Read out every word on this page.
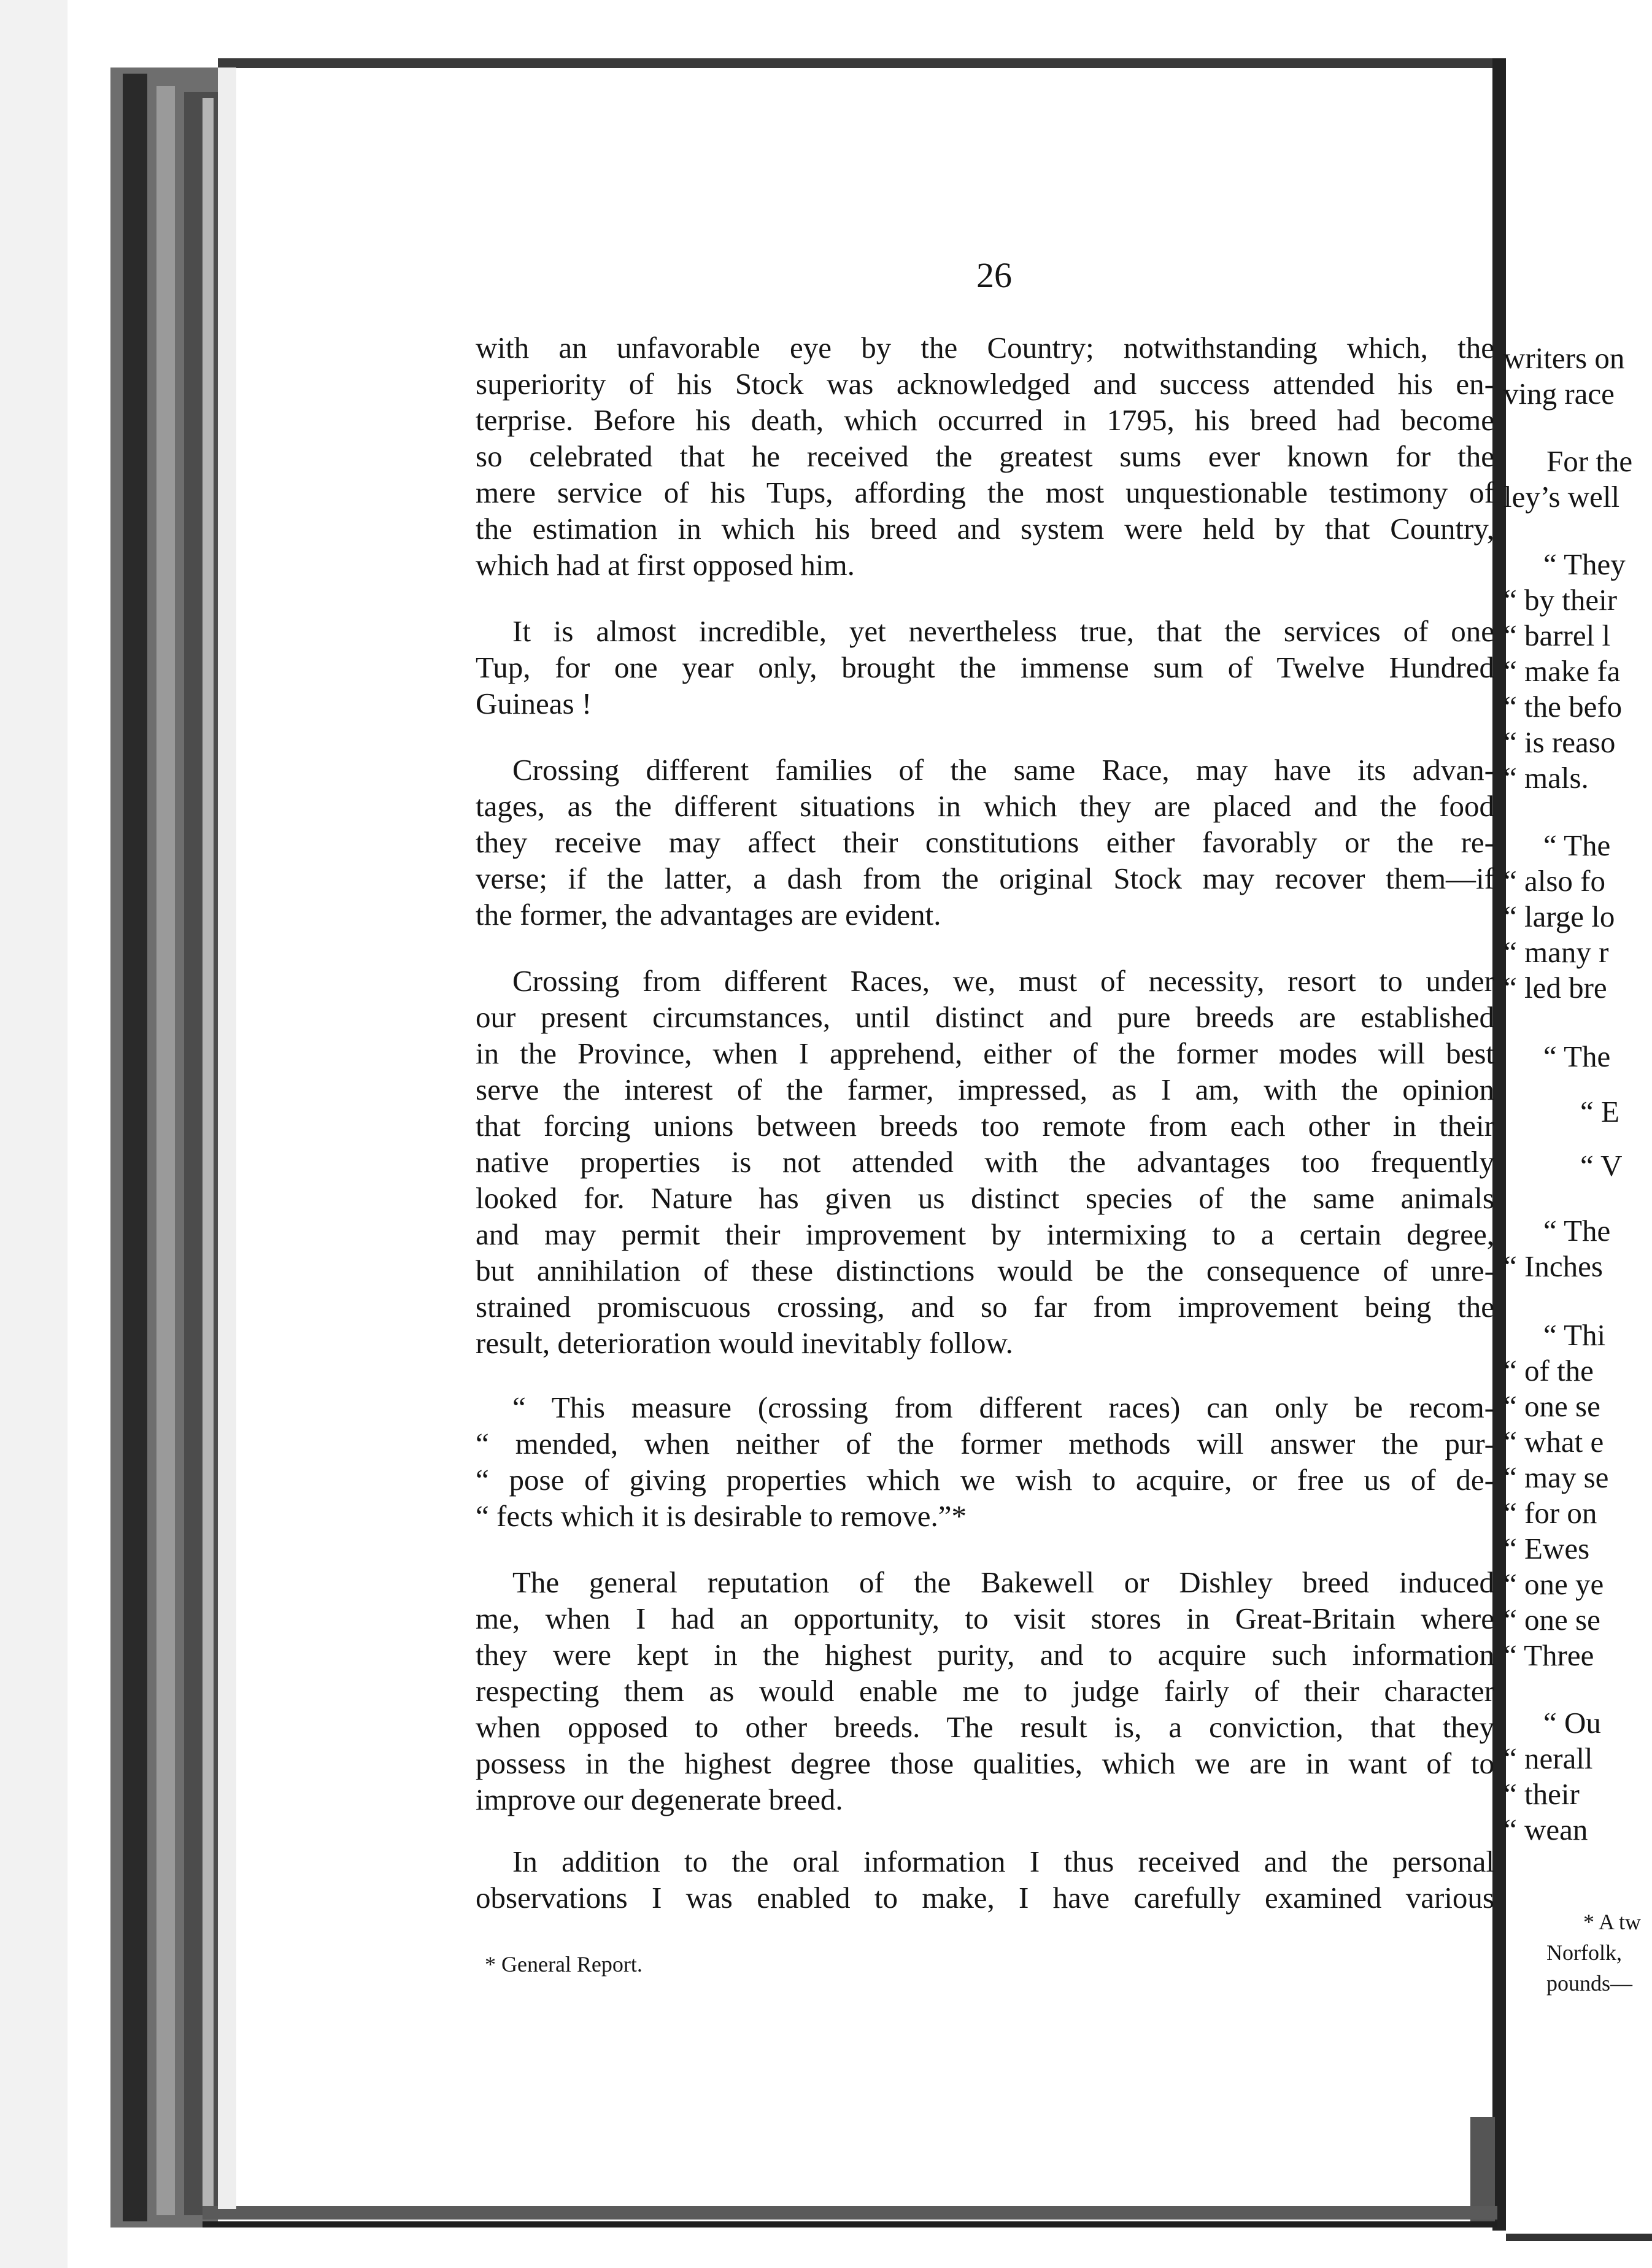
26
with an unfavorable eye by the Country; notwithstanding which, the
superiority of his Stock was acknowledged and success attended his en-
terprise. Before his death, which occurred in 1795, his breed had become
so celebrated that he received the greatest sums ever known for the
mere service of his Tups, affording the most unquestionable testimony of
the estimation in which his breed and system were held by that Country,
which had at first opposed him.
It is almost incredible, yet nevertheless true, that the services of one
Tup, for one year only, brought the immense sum of Twelve Hundred
Guineas !
Crossing different families of the same Race, may have its advan-
tages, as the different situations in which they are placed and the food
they receive may affect their constitutions either favorably or the re-
verse; if the latter, a dash from the original Stock may recover them—if
the former, the advantages are evident.
Crossing from different Races, we, must of necessity, resort to under
our present circumstances, until distinct and pure breeds are established
in the Province, when I apprehend, either of the former modes will best
serve the interest of the farmer, impressed, as I am, with the opinion
that forcing unions between breeds too remote from each other in their
native properties is not attended with the advantages too frequently
looked for. Nature has given us distinct species of the same animals
and may permit their improvement by intermixing to a certain degree,
but annihilation of these distinctions would be the consequence of unre-
strained promiscuous crossing, and so far from improvement being the
result, deterioration would inevitably follow.
“ This measure (crossing from different races) can only be recom-
“ mended, when neither of the former methods will answer the pur-
“ pose of giving properties which we wish to acquire, or free us of de-
“ fects which it is desirable to remove.”*
The general reputation of the Bakewell or Dishley breed induced
me, when I had an opportunity, to visit stores in Great-Britain where
they were kept in the highest purity, and to acquire such information
respecting them as would enable me to judge fairly of their character
when opposed to other breeds. The result is, a conviction, that they
possess in the highest degree those qualities, which we are in want of to
improve our degenerate breed.
In addition to the oral information I thus received and the personal
observations I was enabled to make, I have carefully examined various
* General Report.
writers on
ving race
For the
ley’s well
“ They
“ by their
“ barrel l
“ make fa
“ the befo
“ is reaso
“ mals.
“ The
“ also fo
“ large lo
“ many r
“ led bre
“ The
“ E
“ V
“ The
“ Inches
“ Thi
“ of the
“ one se
“ what e
“ may se
“ for on
“ Ewes
“ one ye
“ one se
“ Three
“ Ou
“ nerall
“ their
“ wean
* A tw
Norfolk,
pounds—
